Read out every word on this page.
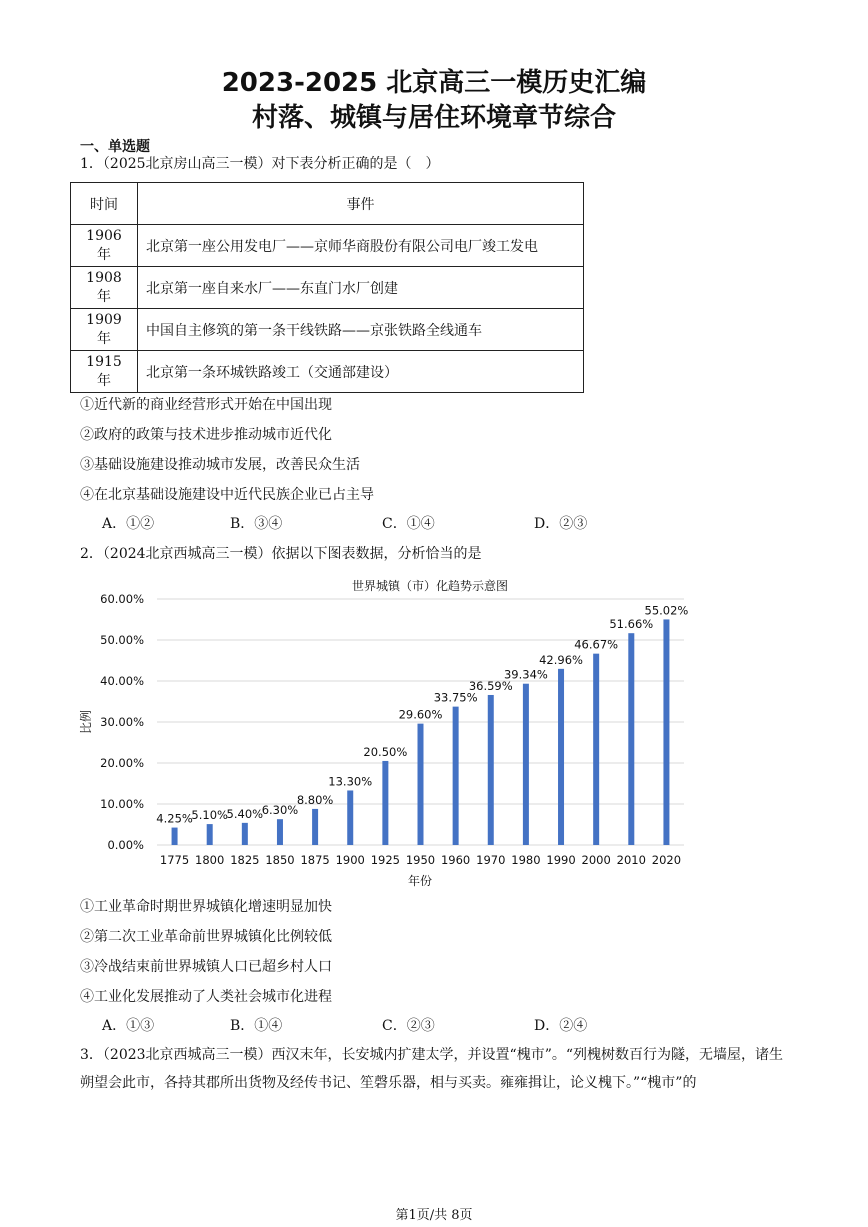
2023-2025 北京高三一模历史汇编
村落、城镇与居住环境章节综合
一、单选题
1．（2025北京房山高三一模）对下表分析正确的是（　）
时间	事件
1906 年	北京第一座公用发电厂——京师华商股份有限公司电厂竣工发电
1908 年	北京第一座自来水厂——东直门水厂创建
1909 年	中国自主修筑的第一条干线铁路——京张铁路全线通车
1915 年	北京第一条环城铁路竣工（交通部建设）
①近代新的商业经营形式开始在中国出现
②政府的政策与技术进步推动城市近代化
③基础设施建设推动城市发展，改善民众生活
④在北京基础设施建设中近代民族企业已占主导
A．①②	B．③④	C．①④	D．②③
2．（2024北京西城高三一模）依据以下图表数据，分析恰当的是
世界城镇（市）化趋势示意图
0.00%
10.00%
20.00%
30.00%
40.00%
50.00%
60.00%
4.25%
5.10%
5.40%
6.30%
8.80%
13.30%
20.50%
29.60%
33.75%
36.59%
39.34%
42.96%
46.67%
51.66%
55.02%
1775 1800 1825 1850 1875 1900 1925 1950 1960 1970 1980 1990 2000 2010 2020
年份
比例
①工业革命时期世界城镇化增速明显加快
②第二次工业革命前世界城镇化比例较低
③冷战结束前世界城镇人口已超乡村人口
④工业化发展推动了人类社会城市化进程
A．①③	B．①④	C．②③	D．②④
3．（2023北京西城高三一模）西汉末年，长安城内扩建太学，并设置“槐市”。“列槐树数百行为隧，无墙屋，诸生朔望会此市，各持其郡所出货物及经传书记、笙磬乐器，相与买卖。雍雍揖让，论义槐下。”“槐市”的
第1页/共 8页
